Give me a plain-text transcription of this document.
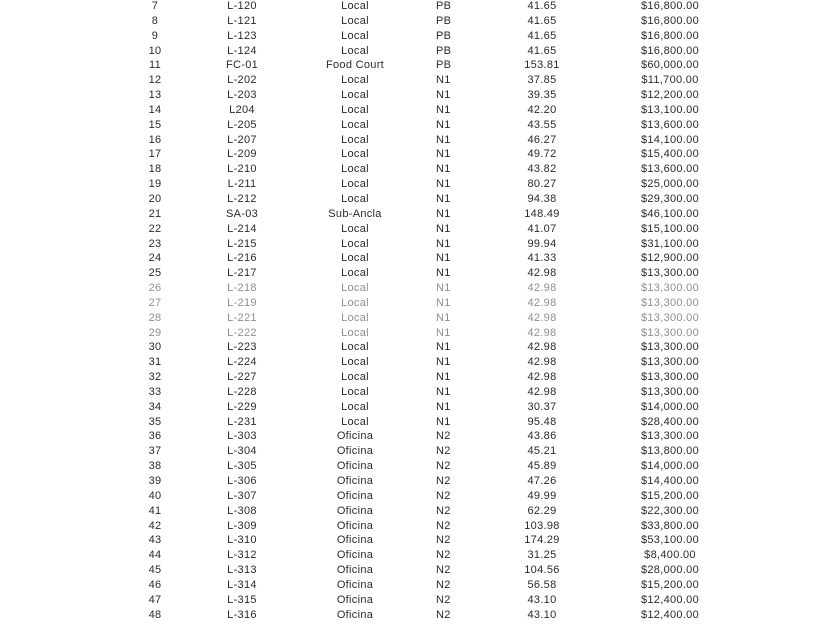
7	L-120	Local	PB	41.65	$16,800.00
8	L-121	Local	PB	41.65	$16,800.00
9	L-123	Local	PB	41.65	$16,800.00
10	L-124	Local	PB	41.65	$16,800.00
11	FC-01	Food Court	PB	153.81	$60,000.00
12	L-202	Local	N1	37.85	$11,700.00
13	L-203	Local	N1	39.35	$12,200.00
14	L204	Local	N1	42.20	$13,100.00
15	L-205	Local	N1	43.55	$13,600.00
16	L-207	Local	N1	46.27	$14,100.00
17	L-209	Local	N1	49.72	$15,400.00
18	L-210	Local	N1	43.82	$13,600.00
19	L-211	Local	N1	80.27	$25,000.00
20	L-212	Local	N1	94.38	$29,300.00
21	SA-03	Sub-Ancla	N1	148.49	$46,100.00
22	L-214	Local	N1	41.07	$15,100.00
23	L-215	Local	N1	99.94	$31,100.00
24	L-216	Local	N1	41.33	$12,900.00
25	L-217	Local	N1	42.98	$13,300.00
26	L-218	Local	N1	42.98	$13,300.00
27	L-219	Local	N1	42.98	$13,300.00
28	L-221	Local	N1	42.98	$13,300.00
29	L-222	Local	N1	42.98	$13,300.00
30	L-223	Local	N1	42.98	$13,300.00
31	L-224	Local	N1	42.98	$13,300.00
32	L-227	Local	N1	42.98	$13,300.00
33	L-228	Local	N1	42.98	$13,300.00
34	L-229	Local	N1	30.37	$14,000.00
35	L-231	Local	N1	95.48	$28,400.00
36	L-303	Oficina	N2	43.86	$13,300.00
37	L-304	Oficina	N2	45.21	$13,800.00
38	L-305	Oficina	N2	45.89	$14,000.00
39	L-306	Oficina	N2	47.26	$14,400.00
40	L-307	Oficina	N2	49.99	$15,200.00
41	L-308	Oficina	N2	62.29	$22,300.00
42	L-309	Oficina	N2	103.98	$33,800.00
43	L-310	Oficina	N2	174.29	$53,100.00
44	L-312	Oficina	N2	31.25	$8,400.00
45	L-313	Oficina	N2	104.56	$28,000.00
46	L-314	Oficina	N2	56.58	$15,200.00
47	L-315	Oficina	N2	43.10	$12,400.00
48	L-316	Oficina	N2	43.10	$12,400.00
